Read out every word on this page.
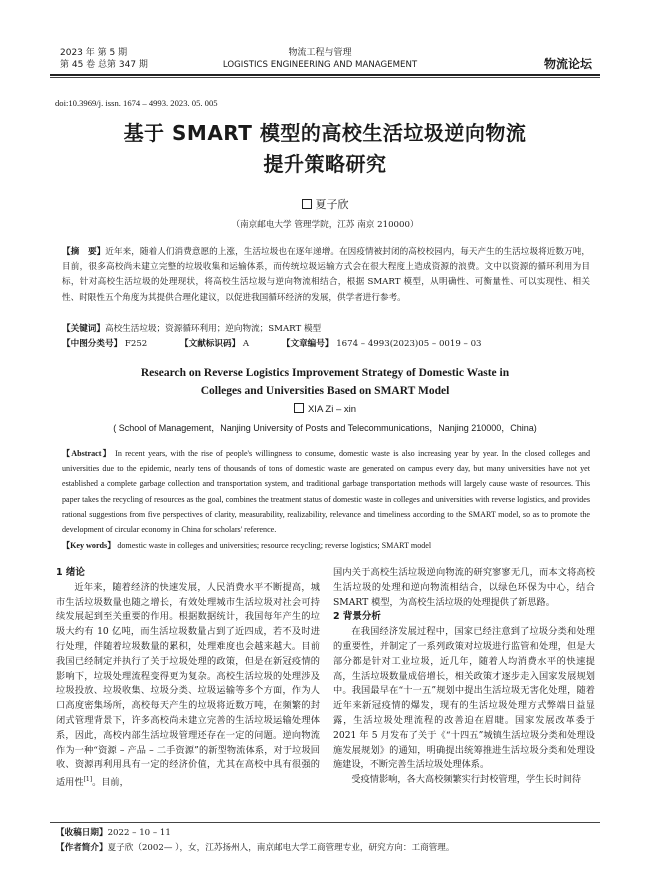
2023 年 第 5 期
第 45 卷 总第 347 期
物流工程与管理
LOGISTICS ENGINEERING AND MANAGEMENT	物流论坛
doi:10.3969/j. issn. 1674 – 4993. 2023. 05. 005
基于 SMART 模型的高校生活垃圾逆向物流
提升策略研究
夏子欣
（南京邮电大学 管理学院，江苏 南京 210000）
【摘　要】近年来，随着人们消费意愿的上涨，生活垃圾也在逐年递增。在因疫情被封闭的高校校园内，每天产生的生活垃圾将近数万吨，目前，很多高校尚未建立完整的垃圾收集和运输体系，而传统垃圾运输方式会在很大程度上造成资源的浪费。文中以资源的循环利用为目标，针对高校生活垃圾的处理现状，将高校生活垃圾与逆向物流相结合，根据 SMART 模型，从明确性、可衡量性、可以实现性、相关性、时限性五个角度为其提供合理化建议，以促进我国循环经济的发展，供学者进行参考。
【关键词】高校生活垃圾；资源循环利用；逆向物流；SMART 模型
【中图分类号】 F252	【文献标识码】 A	【文章编号】 1674 – 4993(2023)05 – 0019 – 03
Research on Reverse Logistics Improvement Strategy of Domestic Waste in
Colleges and Universities Based on SMART Model
XIA Zi – xin
( School of Management，Nanjing University of Posts and Telecommunications，Nanjing 210000，China)
【Abstract】 In recent years, with the rise of people's willingness to consume, domestic waste is also increasing year by year. In the closed colleges and universities due to the epidemic, nearly tens of thousands of tons of domestic waste are generated on campus every day, but many universities have not yet established a complete garbage collection and transportation system, and traditional garbage transportation methods will largely cause waste of resources. This paper takes the recycling of resources as the goal, combines the treatment status of domestic waste in colleges and universities with reverse logistics, and provides rational suggestions from five perspectives of clarity, measurability, realizability, relevance and timeliness according to the SMART model, so as to promote the development of circular economy in China for scholars' reference.
【Key words】 domestic waste in colleges and universities; resource recycling; reverse logistics; SMART model
1 绪论

近年来，随着经济的快速发展，人民消费水平不断提高，城市生活垃圾数量也随之增长，有效处理城市生活垃圾对社会可持续发展起到至关重要的作用。根据数据统计，我国每年产生的垃圾大约有 10 亿吨，而生活垃圾数量占到了近四成，若不及时进行处理，伴随着垃圾数量的累积，处理难度也会越来越大。目前我国已经制定并执行了关于垃圾处理的政策，但是在新冠疫情的影响下，垃圾处理流程变得更为复杂。高校生活垃圾的处理涉及垃圾投放、垃圾收集、垃圾分类、垃圾运输等多个方面，作为人口高度密集场所，高校每天产生的垃圾将近数万吨，在频繁的封闭式管理背景下，许多高校尚未建立完善的生活垃圾运输处理体系，因此，高校内部生活垃圾管理还存在一定的问题。逆向物流作为一种“资源 – 产品 – 二手资源”的新型物流体系，对于垃圾回收、资源再利用具有一定的经济价值，尤其在高校中具有很强的适用性[1]。目前，

国内关于高校生活垃圾逆向物流的研究寥寥无几，而本文将高校生活垃圾的处理和逆向物流相结合，以绿色环保为中心，结合 SMART 模型，为高校生活垃圾的处理提供了新思路。
2 背景分析

在我国经济发展过程中，国家已经注意到了垃圾分类和处理的重要性，并制定了一系列政策对垃圾进行监管和处理，但是大部分都是针对工业垃圾，近几年，随着人均消费水平的快速提高，生活垃圾数量成倍增长，相关政策才逐步走入国家发展规划中。我国最早在“十一五”规划中提出生活垃圾无害化处理，随着近年来新冠疫情的爆发，现有的生活垃圾处理方式弊端日益显露，生活垃圾处理流程的改善迫在眉睫。国家发展改革委于 2021 年 5 月发布了关于《“十四五”城镇生活垃圾分类和处理设施发展规划》的通知，明确提出统筹推进生活垃圾分类和处理设施建设，不断完善生活垃圾处理体系。

受疫情影响，各大高校频繁实行封校管理，学生长时间待

【收稿日期】2022 – 10 – 11
【作者简介】夏子欣（2002— ），女，江苏扬州人，南京邮电大学工商管理专业，研究方向：工商管理。
